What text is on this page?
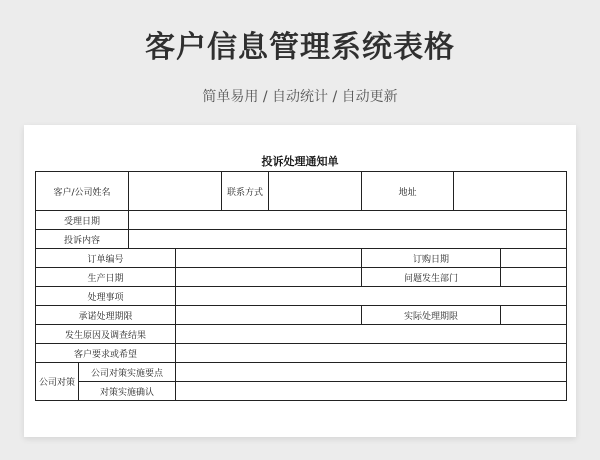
客户信息管理系统表格
简单易用 / 自动统计 / 自动更新
投诉处理通知单
客户/公司姓名				联系方式		地址		
受理日期								
投诉内容								
订单编号						订购日期		
生产日期						问题发生部门		
处理事项								
承诺处理期限						实际处理期限		
发生原因及调查结果								
客户要求或希望								
公司对策	公司对策实施要点							
	对策实施确认							
